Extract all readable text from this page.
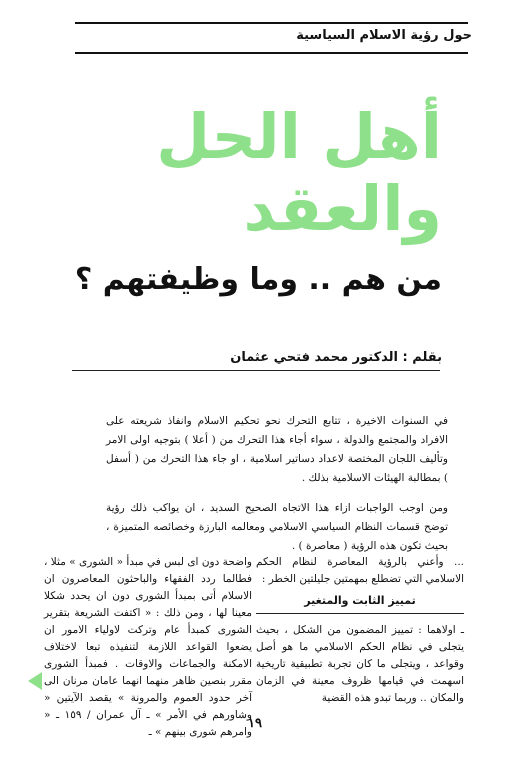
حول رؤية الاسلام السياسية
أهل الحل
والعقد
من هم .. وما وظيفتهم ؟
بقلم : الدكتور محمد فتحي عثمان

في السنوات الاخيرة ، تتابع التحرك نحو تحكيم الاسلام وانفاذ شريعته على الافراد والمجتمع والدولة ، سواء أجاء هذا التحرك من ( أعلا ) بتوجيه اولى الامر وتأليف اللجان المختصة لاعداد دساتير اسلامية ، او جاء هذا التحرك من ( أسفل ) بمطالبة الهيئات الاسلامية بذلك .

ومن اوجب الواجبات ازاء هذا الاتجاه الصحيح السديد ، ان يواكب ذلك رؤية توضح قسمات النظام السياسي الاسلامي ومعالمه البارزة وخصائصه المتميزة ، بحيث تكون هذه الرؤية ( معاصرة ) .

... وأعني بالرؤية المعاصرة لنظام الحكم الاسلامي التي تضطلع بمهمتين جليلتين الخطر :

تمييز الثابت والمتغير

ـ اولاهما : تمييز المضمون من الشكل ، بحيث يتجلى في نظام الحكم الاسلامي ما هو أصل وقواعد ، ويتجلى ما كان تجربة تطبيقية تاريخية اسهمت في قيامها ظروف معينة في الزمان والمكان .. وربما تبدو هذه القضية

واضحة دون اى لبس في مبدأ « الشورى » مثلا ، فطالما ردد الفقهاء والباحثون المعاصرون ان الاسلام أتى بمبدأ الشورى دون ان يحدد شكلا معينا لها ، ومن ذلك : « اكتفت الشريعة بتقرير الشورى كمبدأ عام وتركت لاولياء الامور ان يضعوا القواعد اللازمة لتنفيذه تبعا لاختلاف الامكنة والجماعات والاوقات . فمبدأ الشورى مقرر بنصين ظاهر منهما انهما عامان مرنان الى آخر حدود العموم والمرونة » يقصد الآيتين « وشاورهم في الأمر » ـ آل عمران / ١٥٩ ـ « وامرهم شورى بينهم » ـ

١٩
